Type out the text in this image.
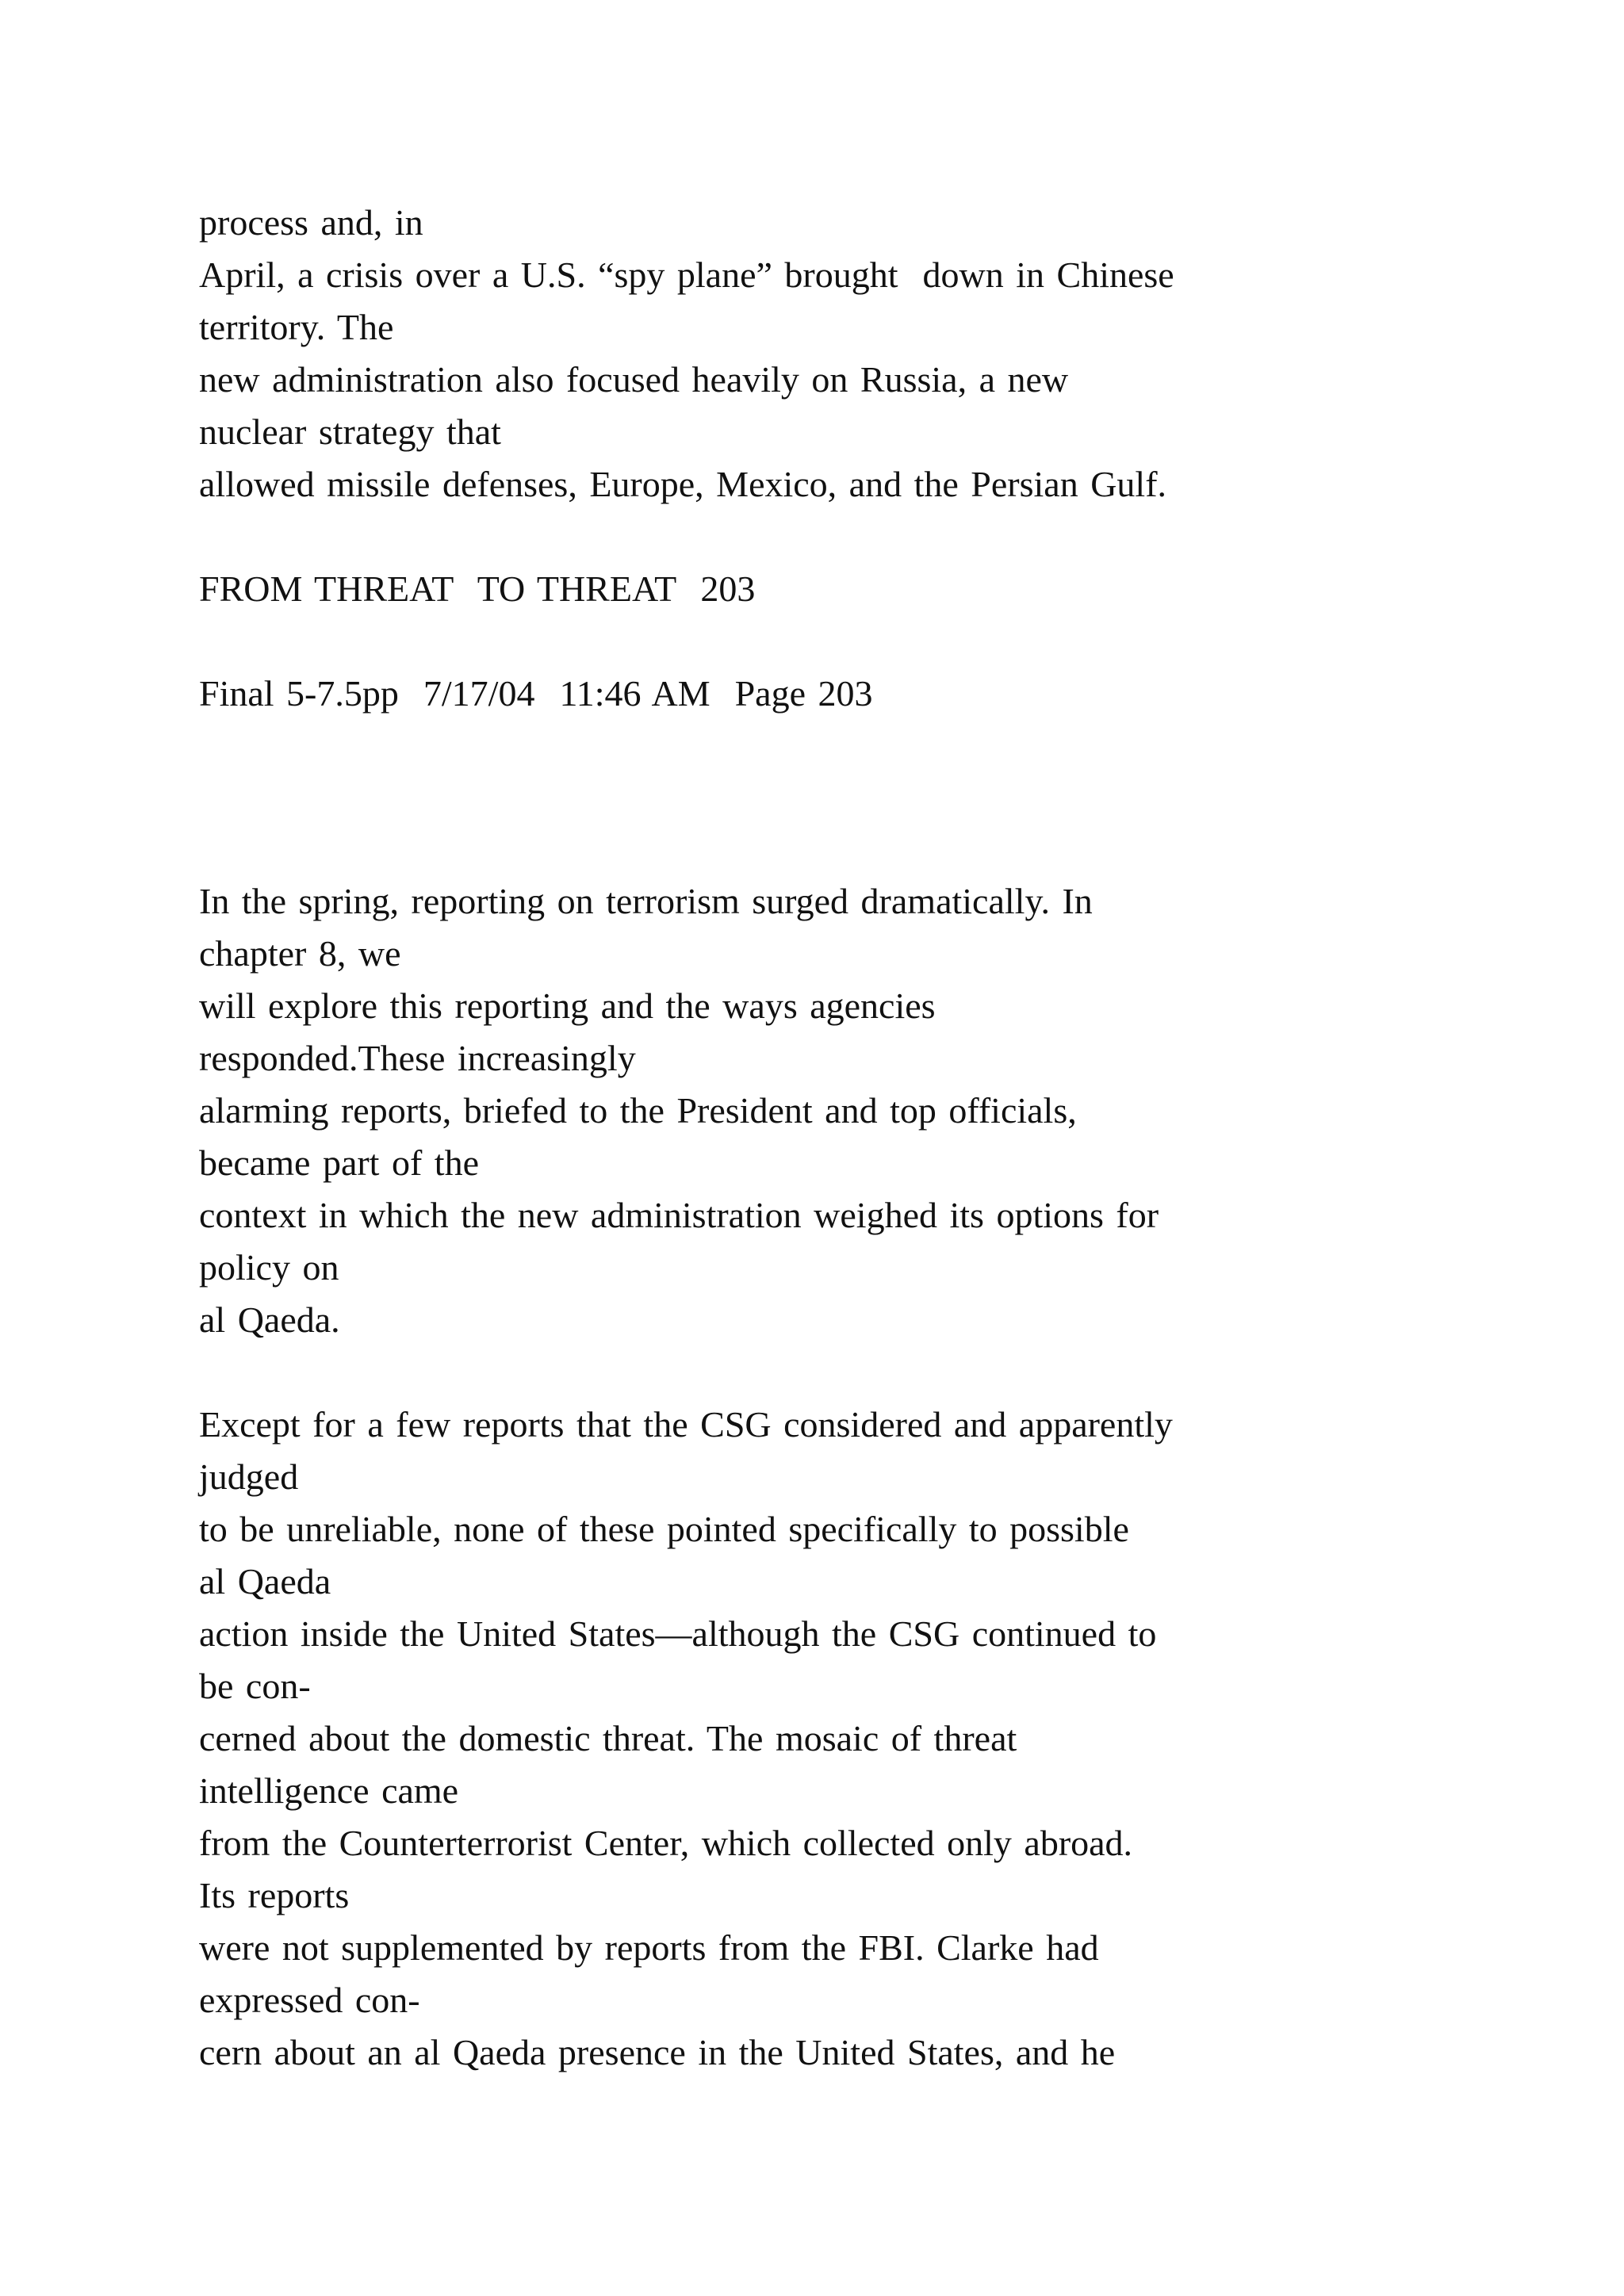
process and, in

April, a crisis over a U.S. “spy plane” brought  down in Chinese

territory. The

new administration also focused heavily on Russia, a new

nuclear strategy that

allowed missile defenses, Europe, Mexico, and the Persian Gulf.

FROM THREAT  TO THREAT  203

Final 5-7.5pp  7/17/04  11:46 AM  Page 203

In the spring, reporting on terrorism surged dramatically. In

chapter 8, we

will explore this reporting and the ways agencies

responded.These increasingly

alarming reports, briefed to the President and top officials,

became part of the

context in which the new administration weighed its options for

policy on

al Qaeda.

Except for a few reports that the CSG considered and apparently

judged

to be unreliable, none of these pointed specifically to possible

al Qaeda

action inside the United States—although the CSG continued to

be con-

cerned about the domestic threat. The mosaic of threat

intelligence came

from the Counterterrorist Center, which collected only abroad.

Its reports

were not supplemented by reports from the FBI. Clarke had

expressed con-

cern about an al Qaeda presence in the United States, and he
